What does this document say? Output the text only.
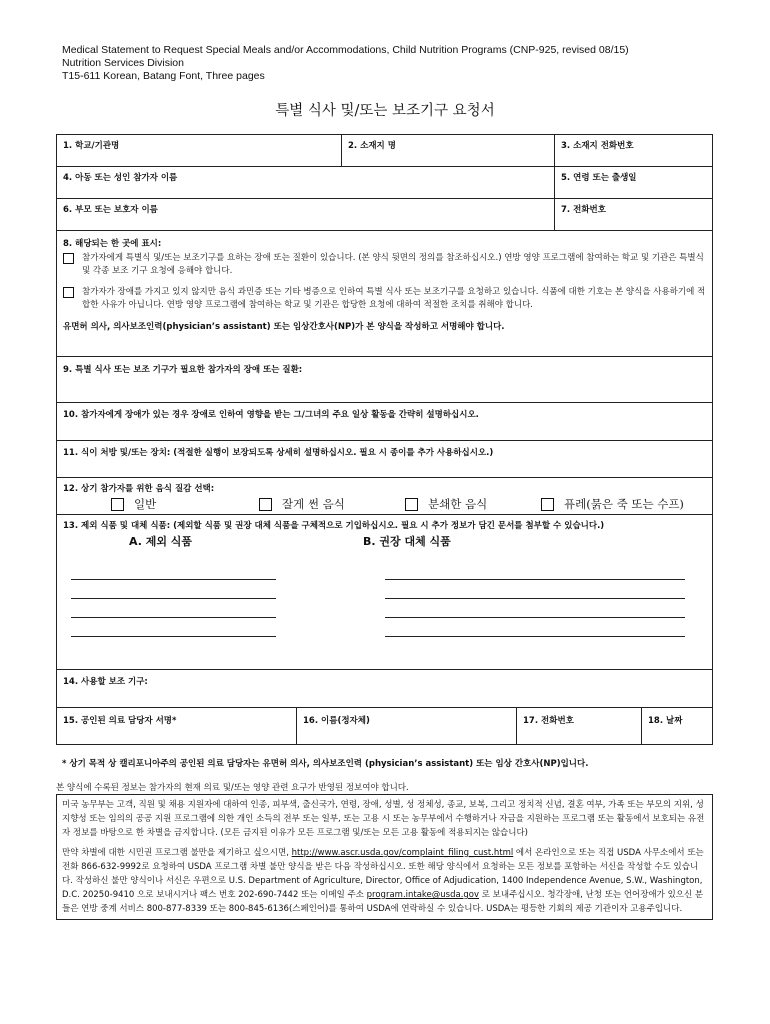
Medical Statement to Request Special Meals and/or Accommodations, Child Nutrition Programs (CNP-925, revised 08/15)
Nutrition Services Division
T15-611 Korean, Batang Font, Three pages
특별 식사 및/또는 보조기구 요청서
1. 학교/기관명	2. 소재지 명	3. 소재지 전화번호
4. 아동 또는 성인 참가자 이름	5. 연령 또는 출생일
6. 부모 또는 보호자 이름	7. 전화번호
8. 해당되는 한 곳에 표시:
참가자에게 특별식 및/또는 보조기구를 요하는 장애 또는 질환이 있습니다. (본 양식 뒷면의 정의를 참조하십시오.) 연방 영양 프로그램에 참여하는 학교 및 기관은 특별식 및 각종 보조 기구 요청에 응해야 합니다.
참가자가 장애를 가지고 있지 않지만 음식 과민증 또는 기타 병증으로 인하여 특별 식사 또는 보조기구를 요청하고 있습니다. 식품에 대한 기호는 본 양식을 사용하기에 적합한 사유가 아닙니다. 연방 영양 프로그램에 참여하는 학교 및 기관은 합당한 요청에 대하여 적절한 조치를 취해야 합니다.
유면허 의사, 의사보조인력(physician’s assistant) 또는 임상간호사(NP)가 본 양식을 작성하고 서명해야 합니다.
9. 특별 식사 또는 보조 기구가 필요한 참가자의 장애 또는 질환:
10. 참가자에게 장애가 있는 경우 장애로 인하여 영향을 받는 그/그녀의 주요 일상 활동을 간략히 설명하십시오.
11. 식이 처방 및/또는 장치: (적절한 실행이 보장되도록 상세히 설명하십시오. 필요 시 종이를 추가 사용하십시오.)
12. 상기 참가자를 위한 음식 질감 선택:
일반	잘게 썬 음식	분쇄한 음식	퓨레(묽은 죽 또는 수프)
13. 제외 식품 및 대체 식품: (제외할 식품 및 권장 대체 식품을 구체적으로 기입하십시오. 필요 시 추가 정보가 담긴 문서를 첨부할 수 있습니다.)
A. 제외 식품	B. 권장 대체 식품
14. 사용할 보조 기구:
15. 공인된 의료 담당자 서명*	16. 이름(정자체)	17. 전화번호	18. 날짜
* 상기 목적 상 캘리포니아주의 공인된 의료 담당자는 유면허 의사, 의사보조인력 (physician’s assistant) 또는 임상 간호사(NP)입니다.
본 양식에 수록된 정보는 참가자의 현재 의료 및/또는 영양 관련 요구가 반영된 정보여야 합니다.

미국 농무부는 고객, 직원 및 채용 지원자에 대하여 인종, 피부색, 출신국가, 연령, 장애, 성별, 성 정체성, 종교, 보복, 그리고 정치적 신념, 결혼 여부, 가족 또는 부모의 지위, 성 지향성 또는 임의의 공공 지원 프로그램에 의한 개인 소득의 전부 또는 일부, 또는 고용 시 또는 농무부에서 수행하거나 자금을 지원하는 프로그램 또는 활동에서 보호되는 유전자 정보를 바탕으로 한 차별을 금지합니다. (모든 금지된 이유가 모든 프로그램 및/또는 모든 고용 활동에 적용되지는 않습니다)

만약 차별에 대한 시민권 프로그램 불만을 제기하고 싶으시면, http://www.ascr.usda.gov/complaint_filing_cust.html 에서 온라인으로 또는 직접 USDA 사무소에서 또는 전화 866-632-9992로 요청하여 USDA 프로그램 차별 불만 양식을 받은 다음 작성하십시오. 또한 해당 양식에서 요청하는 모든 정보를 포함하는 서신을 작성할 수도 있습니다. 작성하신 불만 양식이나 서신은 우편으로 U.S. Department of Agriculture, Director, Office of Adjudication, 1400 Independence Avenue, S.W., Washington, D.C. 20250-9410 으로 보내시거나 팩스 번호 202-690-7442 또는 이메일 주소 program.intake@usda.gov 로 보내주십시오. 청각장애, 난청 또는 언어장애가 있으신 분들은 연방 중계 서비스 800-877-8339 또는 800-845-6136(스페인어)를 통하여 USDA에 연락하실 수 있습니다. USDA는 평등한 기회의 제공 기관이자 고용주입니다.
